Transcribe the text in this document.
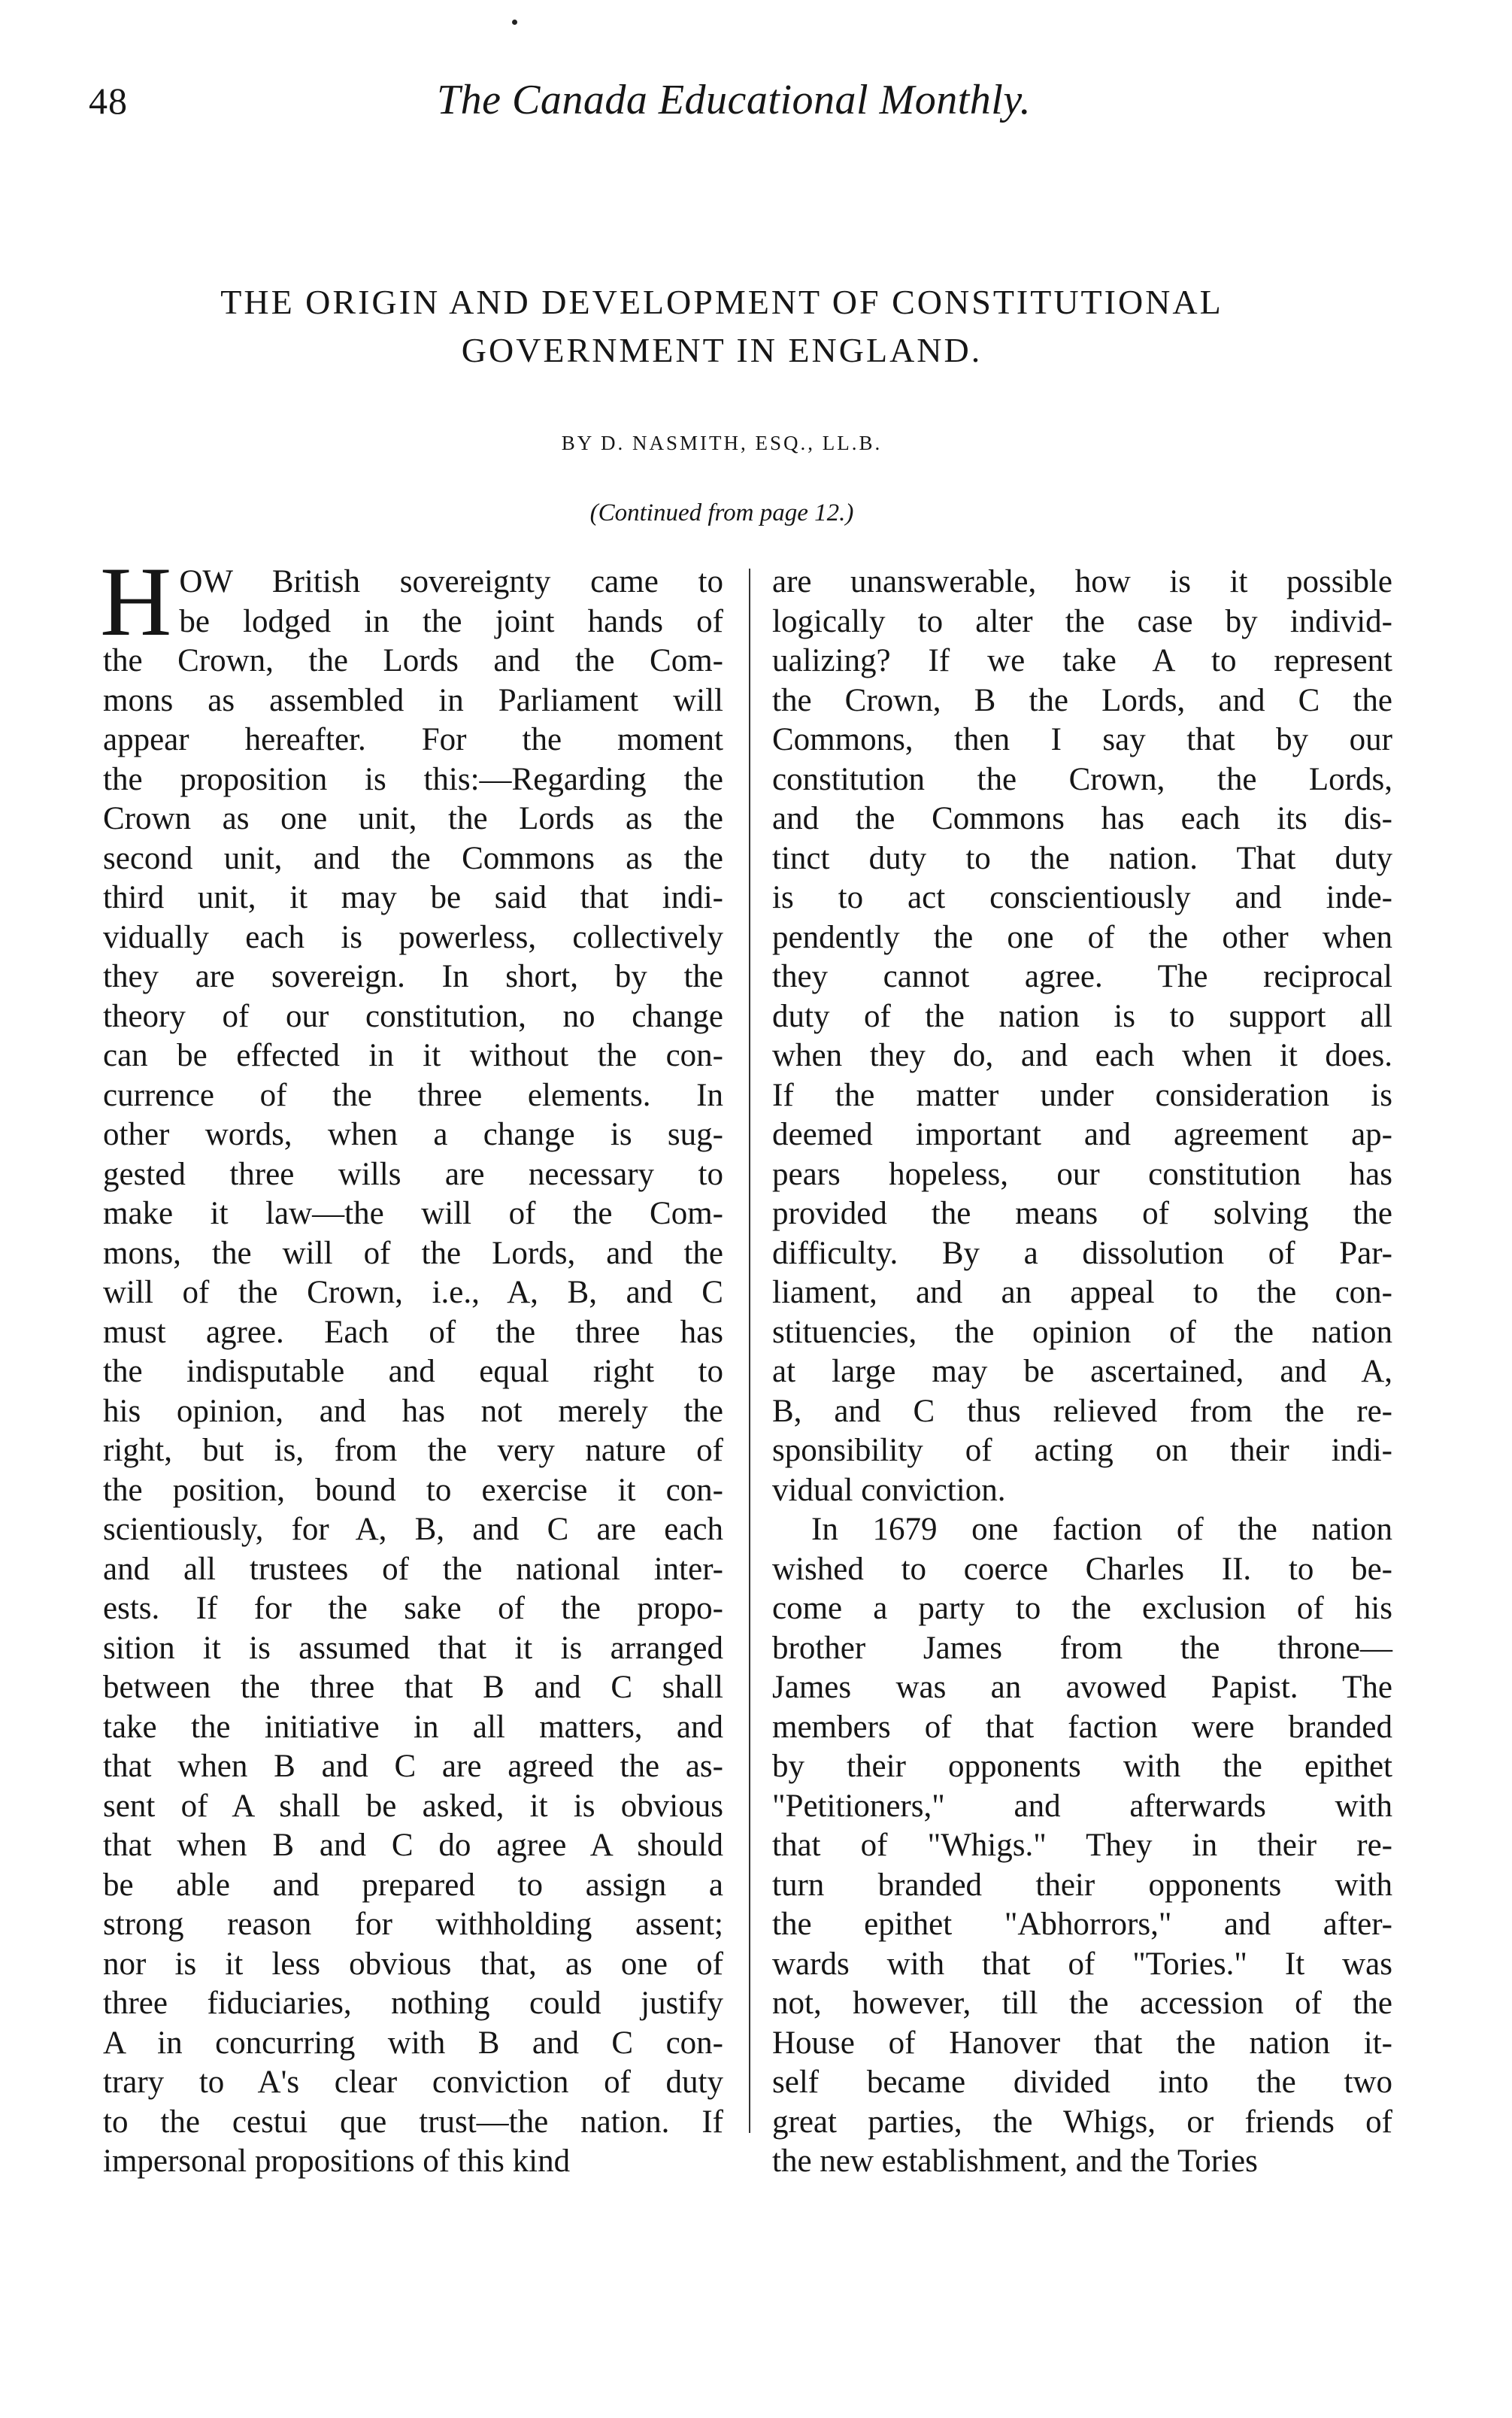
48	The Canada Educational Monthly.
THE ORIGIN AND DEVELOPMENT OF CONSTITUTIONAL
GOVERNMENT IN ENGLAND.
BY D. NASMITH, ESQ., LL.B.
(Continued from page 12.)
H OW British sovereignty came to
be lodged in the joint hands of
the Crown, the Lords and the Com-
mons as assembled in Parliament will
appear hereafter. For the moment
the proposition is this:—Regarding the
Crown as one unit, the Lords as the
second unit, and the Commons as the
third unit, it may be said that indi-
vidually each is powerless, collectively
they are sovereign. In short, by the
theory of our constitution, no change
can be effected in it without the con-
currence of the three elements. In
other words, when a change is sug-
gested three wills are necessary to
make it law—the will of the Com-
mons, the will of the Lords, and the
will of the Crown, i.e., A, B, and C
must agree. Each of the three has
the indisputable and equal right to
his opinion, and has not merely the
right, but is, from the very nature of
the position, bound to exercise it con-
scientiously, for A, B, and C are each
and all trustees of the national inter-
ests. If for the sake of the propo-
sition it is assumed that it is arranged
between the three that B and C shall
take the initiative in all matters, and
that when B and C are agreed the as-
sent of A shall be asked, it is obvious
that when B and C do agree A should
be able and prepared to assign a
strong reason for withholding assent;
nor is it less obvious that, as one of
three fiduciaries, nothing could justify
A in concurring with B and C con-
trary to A's clear conviction of duty
to the cestui que trust—the nation. If
impersonal propositions of this kind
are unanswerable, how is it possible
logically to alter the case by individ-
ualizing? If we take A to represent
the Crown, B the Lords, and C the
Commons, then I say that by our
constitution the Crown, the Lords,
and the Commons has each its dis-
tinct duty to the nation. That duty
is to act conscientiously and inde-
pendently the one of the other when
they cannot agree. The reciprocal
duty of the nation is to support all
when they do, and each when it does.
If the matter under consideration is
deemed important and agreement ap-
pears hopeless, our constitution has
provided the means of solving the
difficulty. By a dissolution of Par-
liament, and an appeal to the con-
stituencies, the opinion of the nation
at large may be ascertained, and A,
B, and C thus relieved from the re-
sponsibility of acting on their indi-
vidual conviction.
In 1679 one faction of the nation
wished to coerce Charles II. to be-
come a party to the exclusion of his
brother James from the throne—
James was an avowed Papist. The
members of that faction were branded
by their opponents with the epithet
"Petitioners," and afterwards with
that of "Whigs." They in their re-
turn branded their opponents with
the epithet "Abhorrors," and after-
wards with that of "Tories." It was
not, however, till the accession of the
House of Hanover that the nation it-
self became divided into the two
great parties, the Whigs, or friends of
the new establishment, and the Tories
